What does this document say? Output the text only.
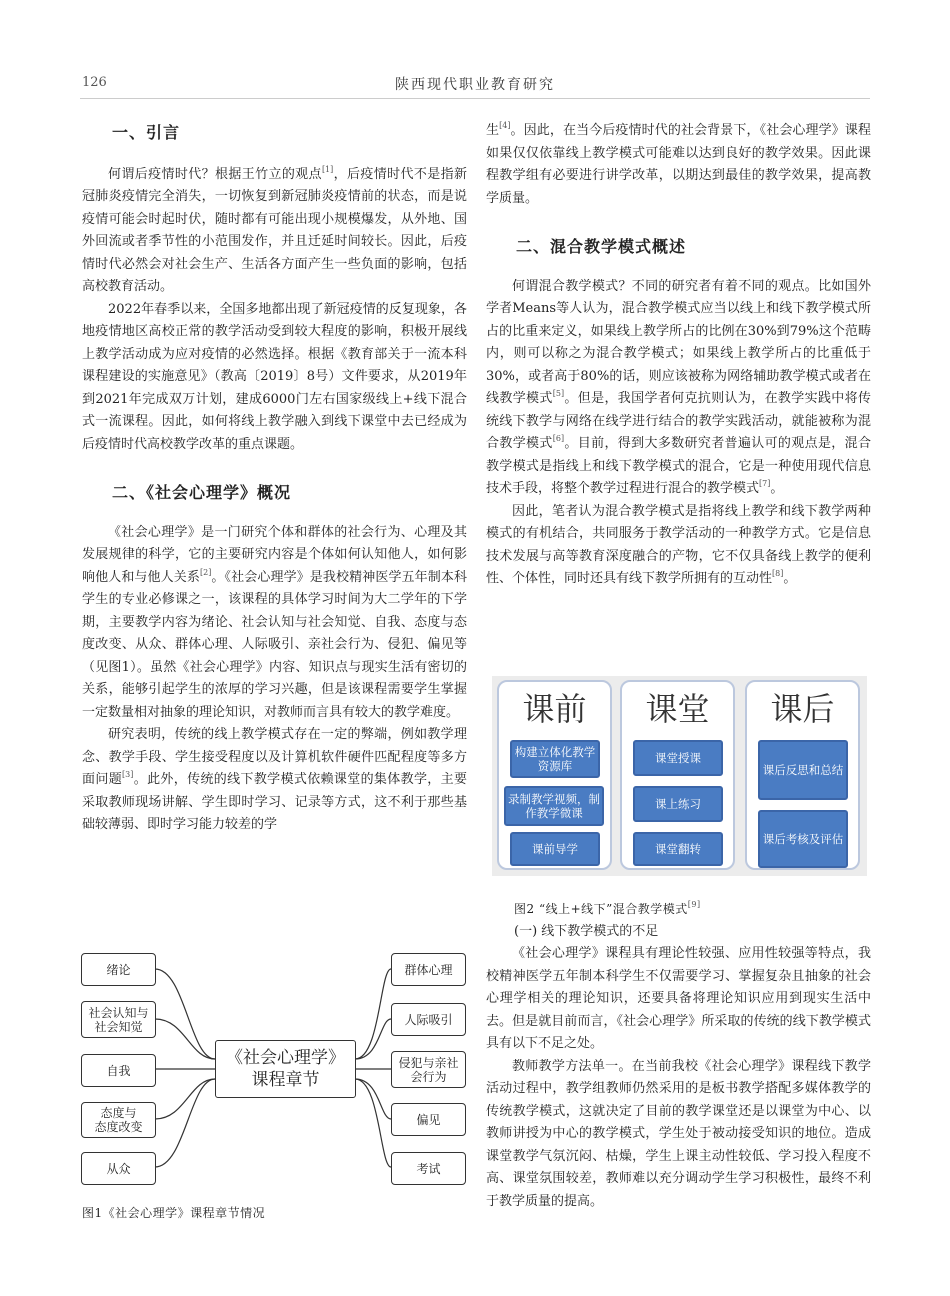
126	陕西现代职业教育研究
一、引言

何谓后疫情时代？根据王竹立的观点[1]，后疫情时代不是指新冠肺炎疫情完全消失，一切恢复到新冠肺炎疫情前的状态，而是说疫情可能会时起时伏，随时都有可能出现小规模爆发，从外地、国外回流或者季节性的小范围发作，并且迁延时间较长。因此，后疫情时代必然会对社会生产、生活各方面产生一些负面的影响，包括高校教育活动。

2022年春季以来，全国多地都出现了新冠疫情的反复现象，各地疫情地区高校正常的教学活动受到较大程度的影响，积极开展线上教学活动成为应对疫情的必然选择。根据《教育部关于一流本科课程建设的实施意见》（教高〔2019〕8号）文件要求，从2019年到2021年完成双万计划，建成6000门左右国家级线上+线下混合式一流课程。因此，如何将线上教学融入到线下课堂中去已经成为后疫情时代高校教学改革的重点课题。

二、《社会心理学》概况

《社会心理学》是一门研究个体和群体的社会行为、心理及其发展规律的科学，它的主要研究内容是个体如何认知他人，如何影响他人和与他人关系[2]。《社会心理学》是我校精神医学五年制本科学生的专业必修课之一，该课程的具体学习时间为大二学年的下学期，主要教学内容为绪论、社会认知与社会知觉、自我、态度与态度改变、从众、群体心理、人际吸引、亲社会行为、侵犯、偏见等（见图1）。虽然《社会心理学》内容、知识点与现实生活有密切的关系，能够引起学生的浓厚的学习兴趣，但是该课程需要学生掌握一定数量相对抽象的理论知识，对教师而言具有较大的教学难度。

研究表明，传统的线上教学模式存在一定的弊端，例如教学理念、教学手段、学生接受程度以及计算机软件硬件匹配程度等多方面问题[3]。此外，传统的线下教学模式依赖课堂的集体教学，主要采取教师现场讲解、学生即时学习、记录等方式，这不利于那些基础较薄弱、即时学习能力较差的学

绪论
社会认知与
社会知觉
自我
态度与
态度改变
从众
《社会心理学》
课程章节
群体心理
人际吸引
侵犯与亲社
会行为
偏见
考试
图1《社会心理学》课程章节情况

生[4]。因此，在当今后疫情时代的社会背景下，《社会心理学》课程如果仅仅依靠线上教学模式可能难以达到良好的教学效果。因此课程教学组有必要进行讲学改革，以期达到最佳的教学效果，提高教学质量。

二、混合教学模式概述

何谓混合教学模式？不同的研究者有着不同的观点。比如国外学者Means等人认为，混合教学模式应当以线上和线下教学模式所占的比重来定义，如果线上教学所占的比例在30%到79%这个范畴内，则可以称之为混合教学模式；如果线上教学所占的比重低于30%，或者高于80%的话，则应该被称为网络辅助教学模式或者在线教学模式[5]。但是，我国学者何克抗则认为，在教学实践中将传统线下教学与网络在线学进行结合的教学实践活动，就能被称为混合教学模式[6]。目前，得到大多数研究者普遍认可的观点是，混合教学模式是指线上和线下教学模式的混合，它是一种使用现代信息技术手段，将整个教学过程进行混合的教学模式[7]。

因此，笔者认为混合教学模式是指将线上教学和线下教学两种模式的有机结合，共同服务于教学活动的一种教学方式。它是信息技术发展与高等教育深度融合的产物，它不仅具备线上教学的便利性、个体性，同时还具有线下教学所拥有的互动性[8]。

课前
构建立体化教学资源库
录制教学视频，制作教学微课
课前导学
课堂
课堂授课
课上练习
课堂翻转
课后
课后反思和总结
课后考核及评估

图2 “线上+线下”混合教学模式[9]

(一) 线下教学模式的不足

《社会心理学》课程具有理论性较强、应用性较强等特点，我校精神医学五年制本科学生不仅需要学习、掌握复杂且抽象的社会心理学相关的理论知识，还要具备将理论知识应用到现实生活中去。但是就目前而言，《社会心理学》所采取的传统的线下教学模式具有以下不足之处。

教师教学方法单一。在当前我校《社会心理学》课程线下教学活动过程中，教学组教师仍然采用的是板书教学搭配多媒体教学的传统教学模式，这就决定了目前的教学课堂还是以课堂为中心、以教师讲授为中心的教学模式，学生处于被动接受知识的地位。造成课堂教学气氛沉闷、枯燥，学生上课主动性较低、学习投入程度不高、课堂氛围较差，教师难以充分调动学生学习积极性，最终不利于教学质量的提高。
